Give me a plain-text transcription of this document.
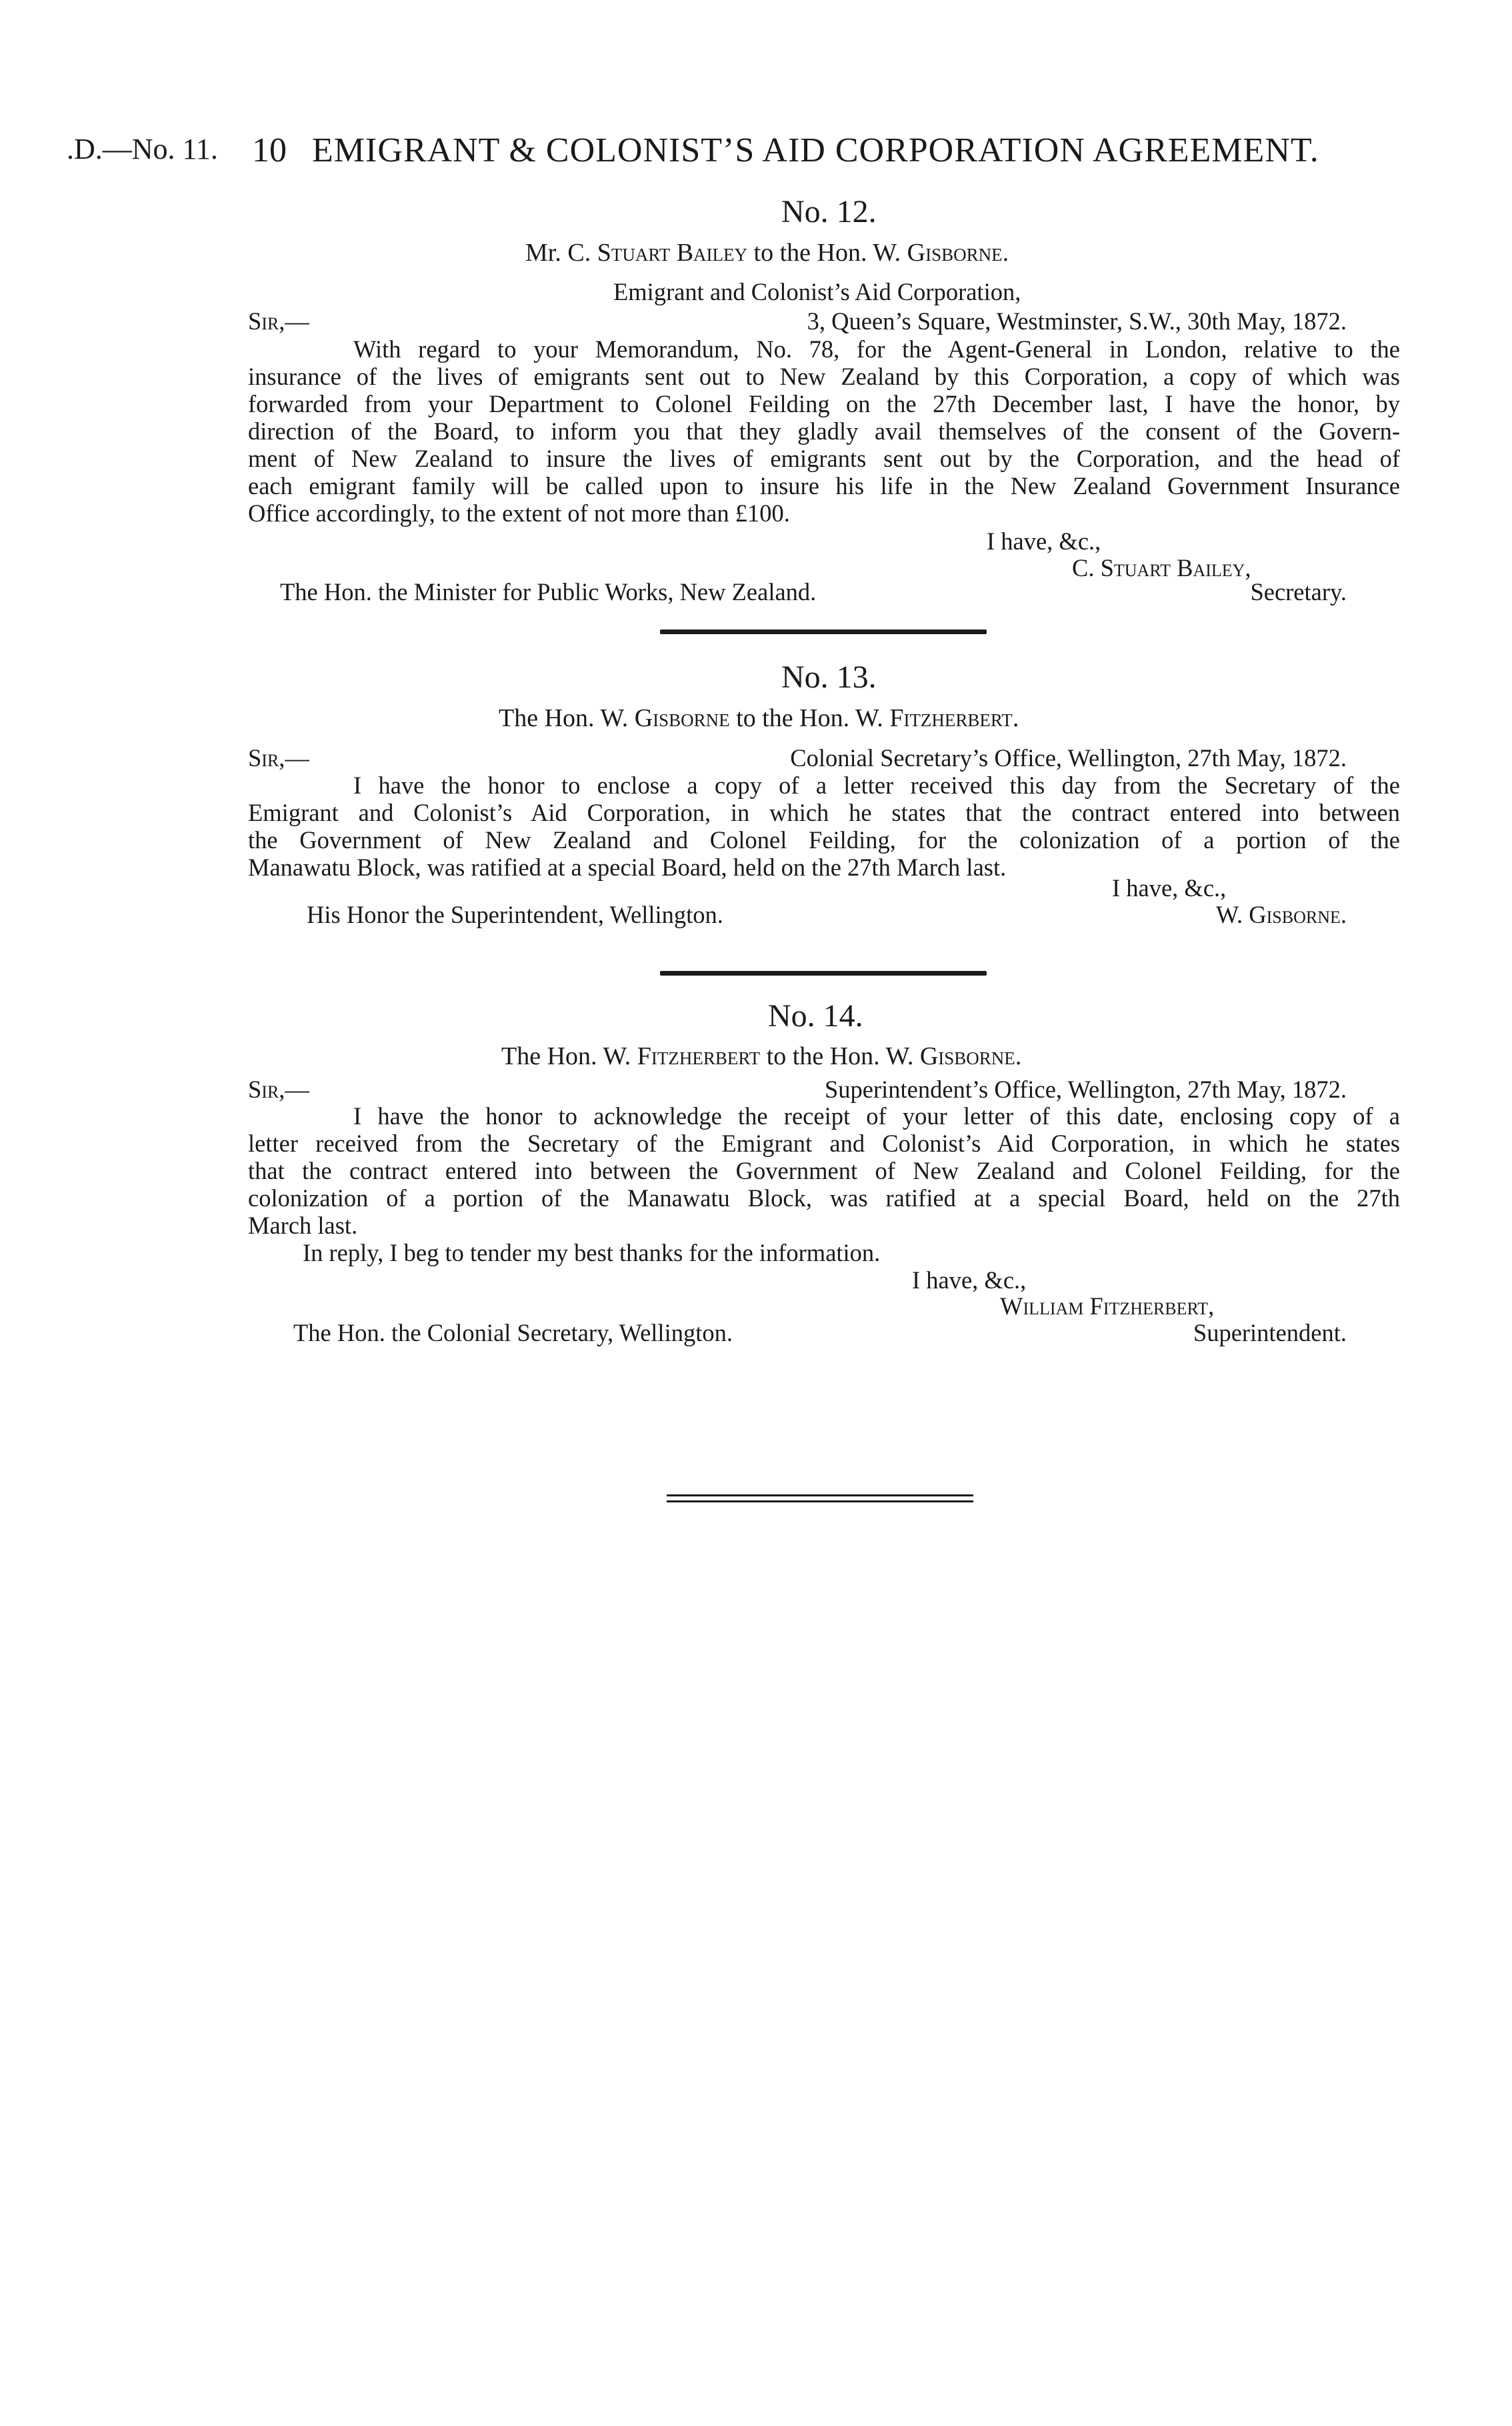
.D.—No. 11. 10 EMIGRANT & COLONIST’S AID CORPORATION AGREEMENT.
No. 12.
Mr. C. Stuart Bailey to the Hon. W. Gisborne.
Emigrant and Colonist’s Aid Corporation,
Sir,—	3, Queen’s Square, Westminster, S.W., 30th May, 1872.
With regard to your Memorandum, No. 78, for the Agent-General in London, relative to the
insurance of the lives of emigrants sent out to New Zealand by this Corporation, a copy of which was
forwarded from your Department to Colonel Feilding on the 27th December last, I have the honor, by
direction of the Board, to inform you that they gladly avail themselves of the consent of the Govern-
ment of New Zealand to insure the lives of emigrants sent out by the Corporation, and the head of
each emigrant family will be called upon to insure his life in the New Zealand Government Insurance
Office accordingly, to the extent of not more than £100.
I have, &c.,
C. Stuart Bailey,
The Hon. the Minister for Public Works, New Zealand.	Secretary.
No. 13.
The Hon. W. Gisborne to the Hon. W. Fitzherbert.
Sir,—	Colonial Secretary’s Office, Wellington, 27th May, 1872.
I have the honor to enclose a copy of a letter received this day from the Secretary of the
Emigrant and Colonist’s Aid Corporation, in which he states that the contract entered into between
the Government of New Zealand and Colonel Feilding, for the colonization of a portion of the
Manawatu Block, was ratified at a special Board, held on the 27th March last.
I have, &c.,
His Honor the Superintendent, Wellington.	W. Gisborne.
No. 14.
The Hon. W. Fitzherbert to the Hon. W. Gisborne.
Sir,—	Superintendent’s Office, Wellington, 27th May, 1872.
I have the honor to acknowledge the receipt of your letter of this date, enclosing copy of a
letter received from the Secretary of the Emigrant and Colonist’s Aid Corporation, in which he states
that the contract entered into between the Government of New Zealand and Colonel Feilding, for the
colonization of a portion of the Manawatu Block, was ratified at a special Board, held on the 27th
March last.
In reply, I beg to tender my best thanks for the information.
I have, &c.,
William Fitzherbert,
The Hon. the Colonial Secretary, Wellington.	Superintendent.
